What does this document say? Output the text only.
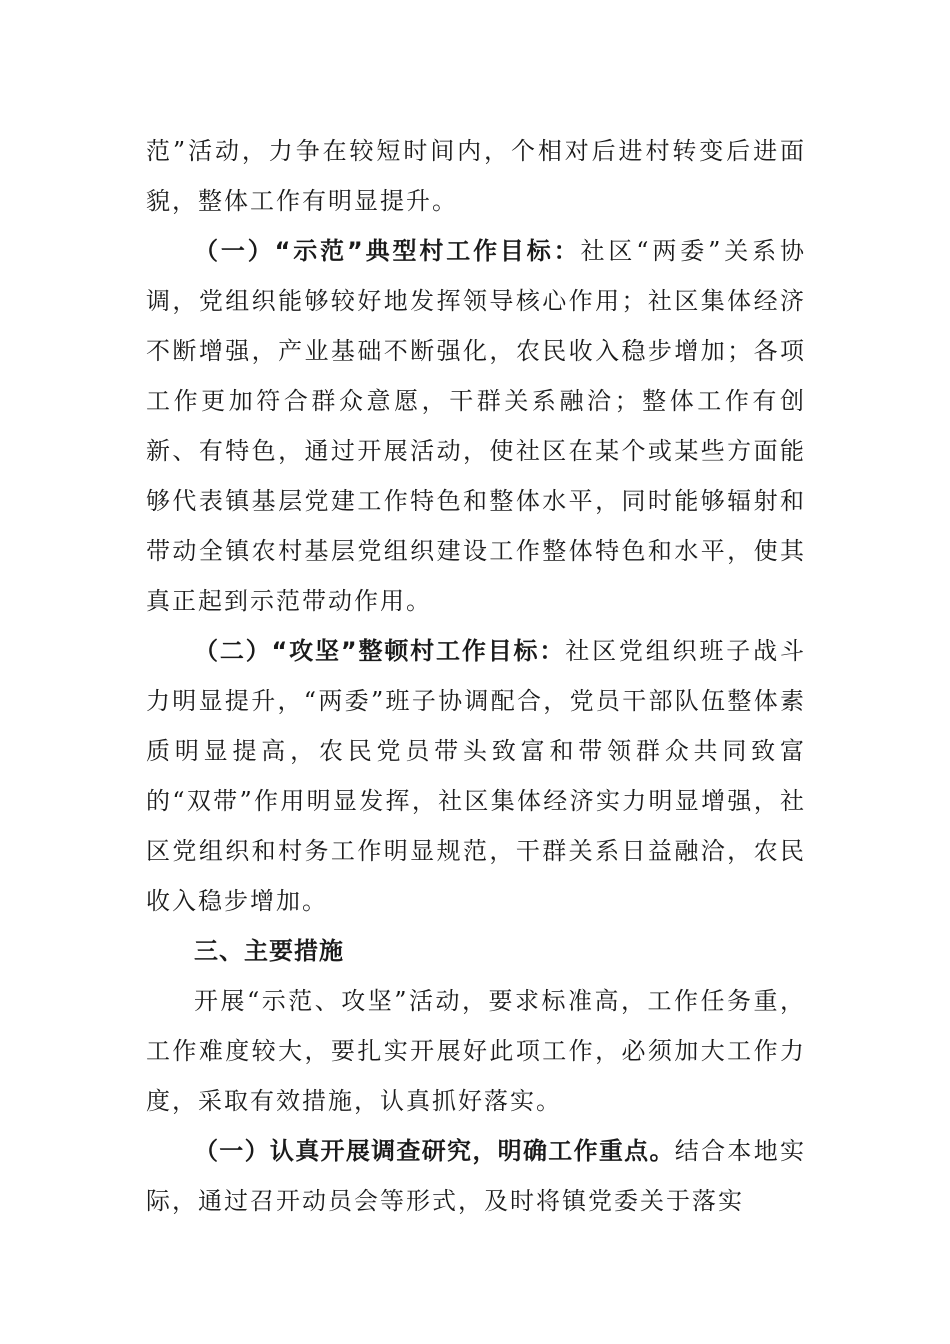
范”活动，力争在较短时间内，个相对后进村转变后进面貌，整体工作有明显提升。

（一）“示范”典型村工作目标：社区“两委”关系协调，党组织能够较好地发挥领导核心作用；社区集体经济不断增强，产业基础不断强化，农民收入稳步增加；各项工作更加符合群众意愿，干群关系融洽；整体工作有创新、有特色，通过开展活动，使社区在某个或某些方面能够代表镇基层党建工作特色和整体水平，同时能够辐射和带动全镇农村基层党组织建设工作整体特色和水平，使其真正起到示范带动作用。

（二）“攻坚”整顿村工作目标：社区党组织班子战斗力明显提升，“两委”班子协调配合，党员干部队伍整体素质明显提高，农民党员带头致富和带领群众共同致富的“双带”作用明显发挥，社区集体经济实力明显增强，社区党组织和村务工作明显规范，干群关系日益融洽，农民收入稳步增加。

三、主要措施

开展“示范、攻坚”活动，要求标准高，工作任务重，工作难度较大，要扎实开展好此项工作，必须加大工作力度，采取有效措施，认真抓好落实。

（一）认真开展调查研究，明确工作重点。结合本地实际，通过召开动员会等形式，及时将镇党委关于落实
